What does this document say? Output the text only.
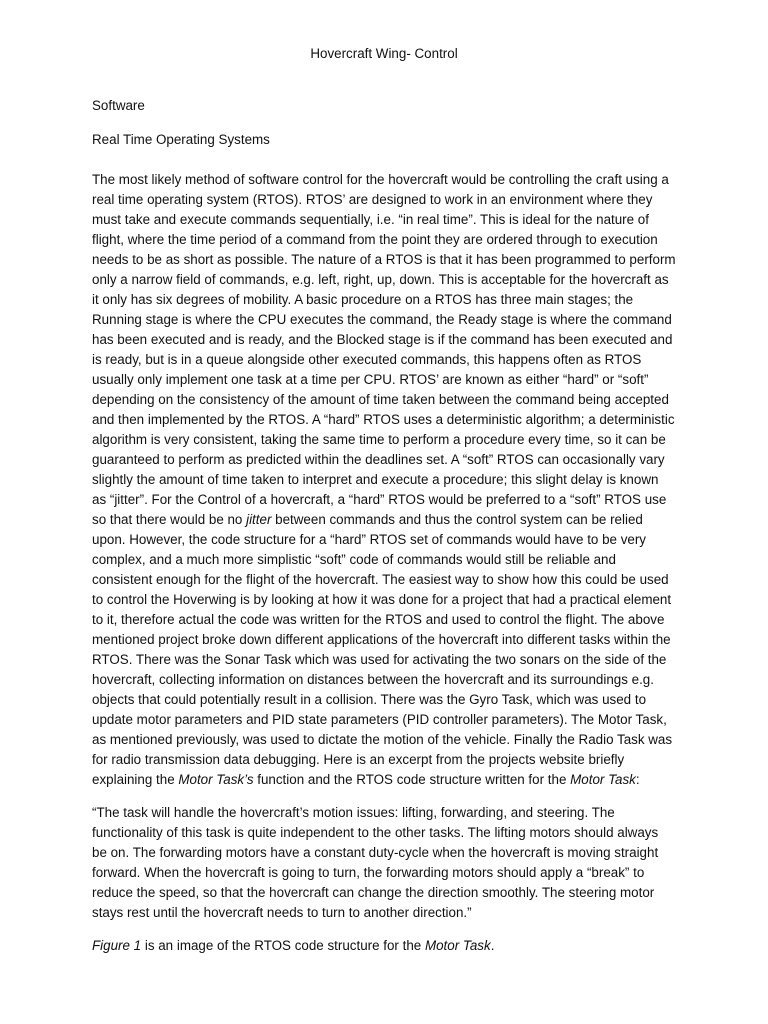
Hovercraft Wing- Control

Software

Real Time Operating Systems

The most likely method of software control for the hovercraft would be controlling the craft using a real time operating system (RTOS). RTOS’ are designed to work in an environment where they must take and execute commands sequentially, i.e. “in real time”. This is ideal for the nature of flight, where the time period of a command from the point they are ordered through to execution needs to be as short as possible. The nature of a RTOS is that it has been programmed to perform only a narrow field of commands, e.g. left, right, up, down. This is acceptable for the hovercraft as it only has six degrees of mobility. A basic procedure on a RTOS has three main stages; the Running stage is where the CPU executes the command, the Ready stage is where the command has been executed and is ready, and the Blocked stage is if the command has been executed and is ready, but is in a queue alongside other executed commands, this happens often as RTOS usually only implement one task at a time per CPU. RTOS’ are known as either “hard” or “soft” depending on the consistency of the amount of time taken between the command being accepted and then implemented by the RTOS. A “hard” RTOS uses a deterministic algorithm; a deterministic algorithm is very consistent, taking the same time to perform a procedure every time, so it can be guaranteed to perform as predicted within the deadlines set. A “soft” RTOS can occasionally vary slightly the amount of time taken to interpret and execute a procedure; this slight delay is known as “jitter”. For the Control of a hovercraft, a “hard” RTOS would be preferred to a “soft” RTOS use so that there would be no jitter between commands and thus the control system can be relied upon. However, the code structure for a “hard” RTOS set of commands would have to be very complex, and a much more simplistic “soft” code of commands would still be reliable and consistent enough for the flight of the hovercraft. The easiest way to show how this could be used to control the Hoverwing is by looking at how it was done for a project that had a practical element to it, therefore actual the code was written for the RTOS and used to control the flight. The above mentioned project broke down different applications of the hovercraft into different tasks within the RTOS. There was the Sonar Task which was used for activating the two sonars on the side of the hovercraft, collecting information on distances between the hovercraft and its surroundings e.g. objects that could potentially result in a collision. There was the Gyro Task, which was used to update motor parameters and PID state parameters (PID controller parameters). The Motor Task, as mentioned previously, was used to dictate the motion of the vehicle. Finally the Radio Task was for radio transmission data debugging. Here is an excerpt from the projects website briefly explaining the Motor Task’s function and the RTOS code structure written for the Motor Task:

“The task will handle the hovercraft’s motion issues: lifting, forwarding, and steering. The functionality of this task is quite independent to the other tasks. The lifting motors should always be on. The forwarding motors have a constant duty-cycle when the hovercraft is moving straight forward. When the hovercraft is going to turn, the forwarding motors should apply a “break” to reduce the speed, so that the hovercraft can change the direction smoothly. The steering motor stays rest until the hovercraft needs to turn to another direction.”

Figure 1 is an image of the RTOS code structure for the Motor Task.
